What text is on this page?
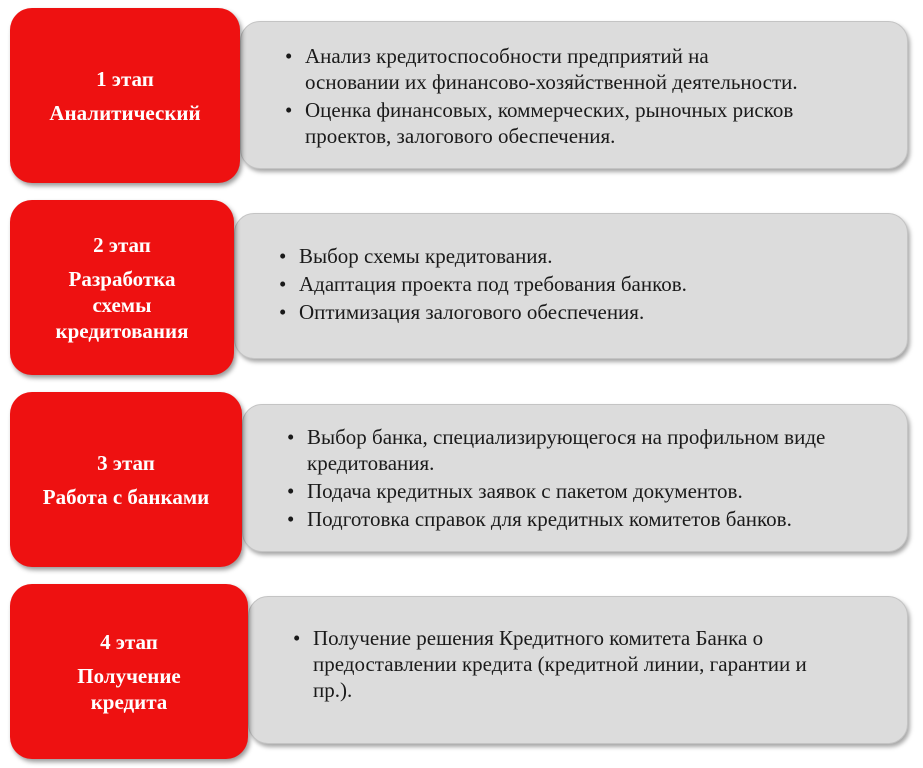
• Анализ кредитоспособности предприятий на основании их финансово-хозяйственной деятельности.
• Оценка финансовых, коммерческих, рыночных рисков проектов, залогового обеспечения.
1 этап
Аналитический
• Выбор схемы кредитования.
• Адаптация проекта под требования банков.
• Оптимизация залогового обеспечения.
2 этап
Разработка схемы кредитования
• Выбор банка, специализирующегося на профильном виде кредитования.
• Подача кредитных заявок с пакетом документов.
• Подготовка справок для кредитных комитетов банков.
3 этап
Работа с банками
• Получение решения Кредитного комитета Банка о предоставлении кредита (кредитной линии, гарантии и пр.).
4 этап
Получение кредита
